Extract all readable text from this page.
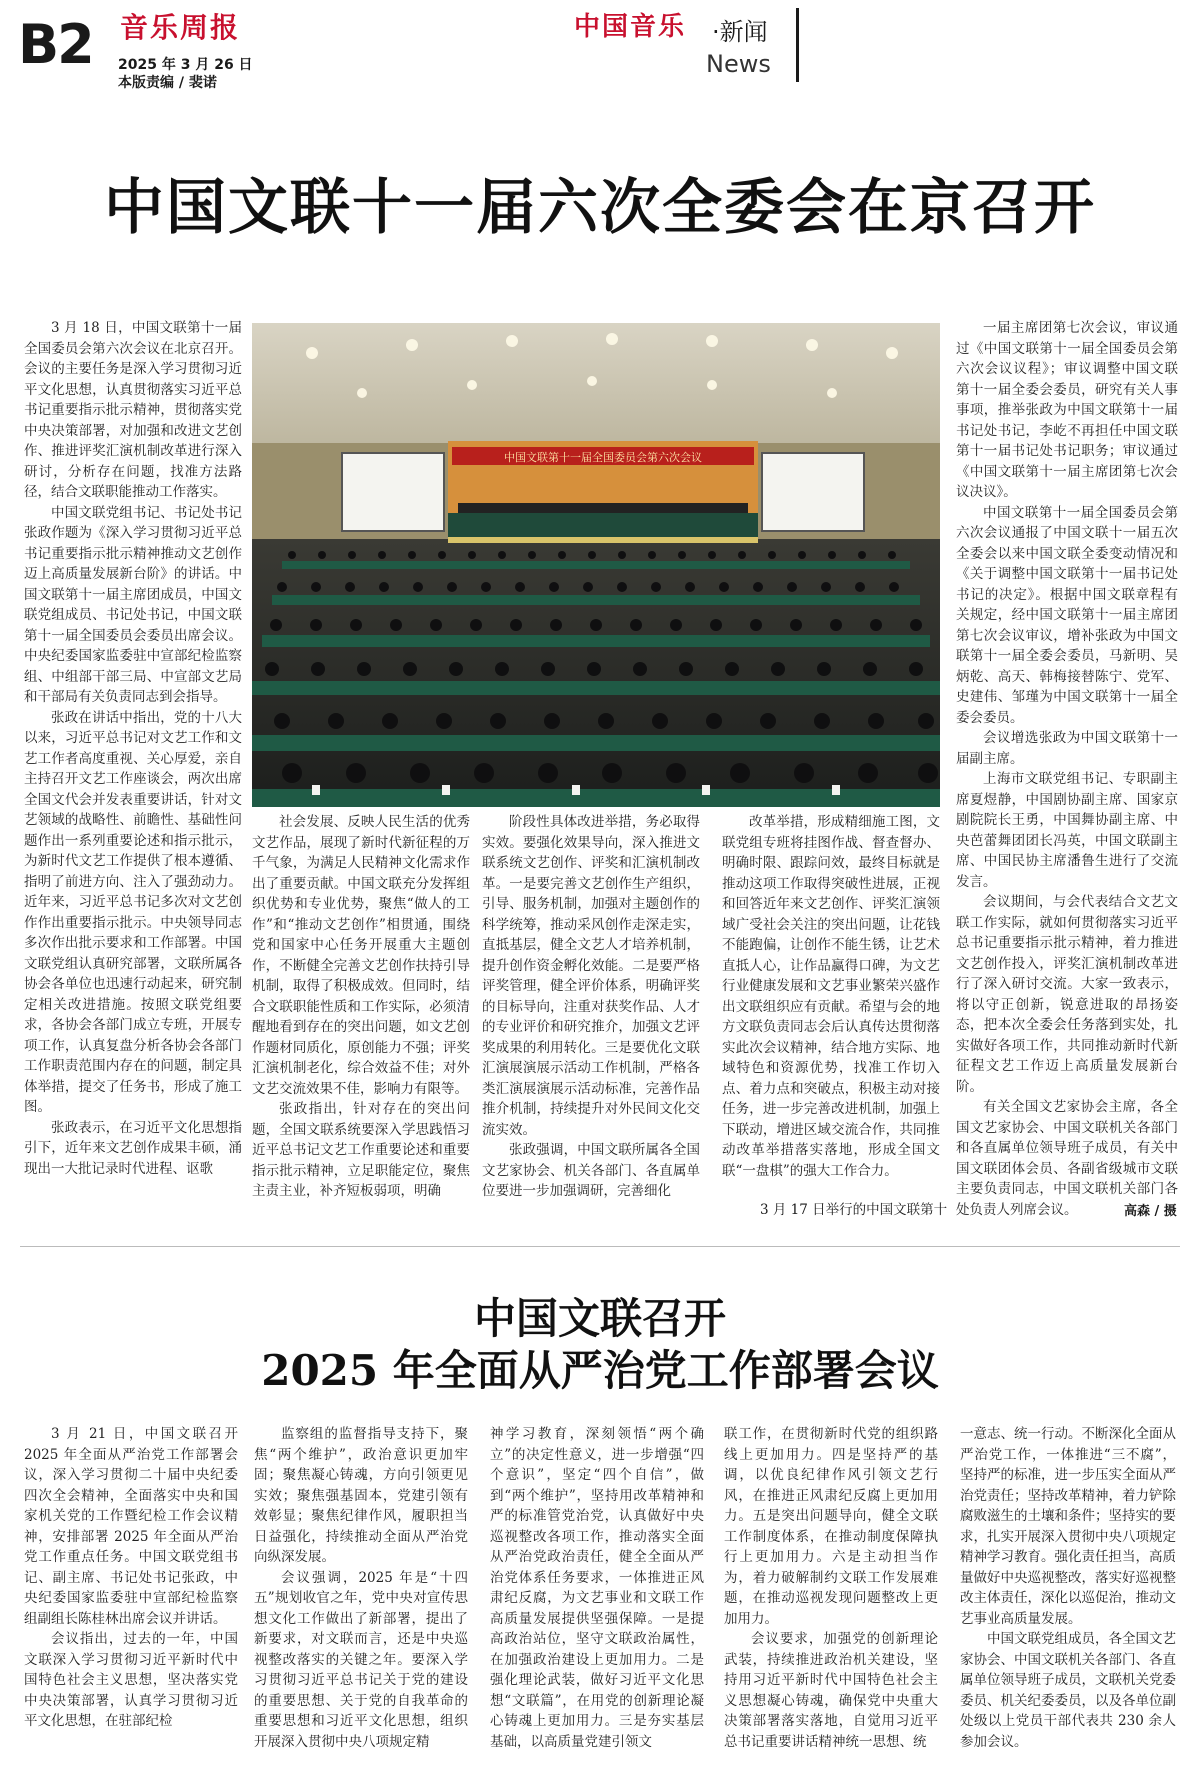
B2 音乐周报
2025 年 3 月 26 日
本版责编 / 裴诺
中国音乐 ·新闻
News
中国文联十一届六次全委会在京召开

3 月 18 日，中国文联第十一届全国委员会第六次会议在北京召开。会议的主要任务是深入学习贯彻习近平文化思想，认真贯彻落实习近平总书记重要指示批示精神，贯彻落实党中央决策部署，对加强和改进文艺创作、推进评奖汇演机制改革进行深入研讨，分析存在问题，找准方法路径，结合文联职能推动工作落实。

中国文联党组书记、书记处书记张政作题为《深入学习贯彻习近平总书记重要指示批示精神推动文艺创作迈上高质量发展新台阶》的讲话。中国文联第十一届主席团成员，中国文联党组成员、书记处书记，中国文联第十一届全国委员会委员出席会议。中央纪委国家监委驻中宣部纪检监察组、中组部干部三局、中宣部文艺局和干部局有关负责同志到会指导。

张政在讲话中指出，党的十八大以来，习近平总书记对文艺工作和文艺工作者高度重视、关心厚爱，亲自主持召开文艺工作座谈会，两次出席全国文代会并发表重要讲话，针对文艺领域的战略性、前瞻性、基础性问题作出一系列重要论述和指示批示，为新时代文艺工作提供了根本遵循、指明了前进方向、注入了强劲动力。近年来，习近平总书记多次对文艺创作作出重要指示批示。中央领导同志多次作出批示要求和工作部署。中国文联党组认真研究部署，文联所属各协会各单位也迅速行动起来，研究制定相关改进措施。按照文联党组要求，各协会各部门成立专班，开展专项工作，认真复盘分析各协会各部门工作职责范围内存在的问题，制定具体举措，提交了任务书，形成了施工图。

张政表示，在习近平文化思想指引下，近年来文艺创作成果丰硕，涌现出一大批记录时代进程、讴歌

中国文联第十一届全国委员会第六次会议

社会发展、反映人民生活的优秀文艺作品，展现了新时代新征程的万千气象，为满足人民精神文化需求作出了重要贡献。中国文联充分发挥组织优势和专业优势，聚焦“做人的工作”和“推动文艺创作”相贯通，围绕党和国家中心任务开展重大主题创作，不断健全完善文艺创作扶持引导机制，取得了积极成效。但同时，结合文联职能性质和工作实际，必须清醒地看到存在的突出问题，如文艺创作题材同质化，原创能力不强；评奖汇演机制老化，综合效益不佳；对外文艺交流效果不佳，影响力有限等。

张政指出，针对存在的突出问题，全国文联系统要深入学思践悟习近平总书记文艺工作重要论述和重要指示批示精神，立足职能定位，聚焦主责主业，补齐短板弱项，明确

阶段性具体改进举措，务必取得实效。要强化效果导向，深入推进文联系统文艺创作、评奖和汇演机制改革。一是要完善文艺创作生产组织，引导、服务机制，加强对主题创作的科学统筹，推动采风创作走深走实，直抵基层，健全文艺人才培养机制，提升创作资金孵化效能。二是要严格评奖管理，健全评价体系，明确评奖的目标导向，注重对获奖作品、人才的专业评价和研究推介，加强文艺评奖成果的利用转化。三是要优化文联汇演展演展示活动工作机制，严格各类汇演展演展示活动标准，完善作品推介机制，持续提升对外民间文化交流实效。

张政强调，中国文联所属各全国文艺家协会、机关各部门、各直属单位要进一步加强调研，完善细化

改革举措，形成精细施工图，文联党组专班将挂图作战、督查督办、明确时限、跟踪问效，最终目标就是推动这项工作取得突破性进展，正视和回答近年来文艺创作、评奖汇演领域广受社会关注的突出问题，让花钱不能跑偏，让创作不能生锈，让艺术直抵人心，让作品赢得口碑，为文艺行业健康发展和文艺事业繁荣兴盛作出文联组织应有贡献。希望与会的地方文联负责同志会后认真传达贯彻落实此次会议精神，结合地方实际、地域特色和资源优势，找准工作切入点、着力点和突破点，积极主动对接任务，进一步完善改进机制，加强上下联动，增进区域交流合作，共同推动改革举措落实落地，形成全国文联“一盘棋”的强大工作合力。

3 月 17 日举行的中国文联第十

一届主席团第七次会议，审议通过《中国文联第十一届全国委员会第六次会议议程》；审议调整中国文联第十一届全委会委员，研究有关人事事项，推举张政为中国文联第十一届书记处书记，李屹不再担任中国文联第十一届书记处书记职务；审议通过《中国文联第十一届主席团第七次会议决议》。

中国文联第十一届全国委员会第六次会议通报了中国文联十一届五次全委会以来中国文联全委变动情况和《关于调整中国文联第十一届书记处书记的决定》。根据中国文联章程有关规定，经中国文联第十一届主席团第七次会议审议，增补张政为中国文联第十一届全委会委员，马新明、吴炳乾、高天、韩梅接替陈宁、党军、史建伟、邹瑾为中国文联第十一届全委会委员。

会议增选张政为中国文联第十一届副主席。

上海市文联党组书记、专职副主席夏煜静，中国剧协副主席、国家京剧院院长王勇，中国舞协副主席、中央芭蕾舞团团长冯英，中国文联副主席、中国民协主席潘鲁生进行了交流发言。

会议期间，与会代表结合文艺文联工作实际，就如何贯彻落实习近平总书记重要指示批示精神，着力推进文艺创作投入，评奖汇演机制改革进行了深入研讨交流。大家一致表示，将以守正创新，锐意进取的昂扬姿态，把本次全委会任务落到实处，扎实做好各项工作，共同推动新时代新征程文艺工作迈上高质量发展新台阶。

有关全国文艺家协会主席，各全国文艺家协会、中国文联机关各部门和各直属单位领导班子成员，有关中国文联团体会员、各副省级城市文联主要负责同志，中国文联机关部门各处负责人列席会议。	高森 / 摄
中国文联召开
2025 年全面从严治党工作部署会议

3 月 21 日，中国文联召开 2025 年全面从严治党工作部署会议，深入学习贯彻二十届中央纪委四次全会精神，全面落实中央和国家机关党的工作暨纪检工作会议精神，安排部署 2025 年全面从严治党工作重点任务。中国文联党组书记、副主席、书记处书记张政，中央纪委国家监委驻中宣部纪检监察组副组长陈桂林出席会议并讲话。

会议指出，过去的一年，中国文联深入学习贯彻习近平新时代中国特色社会主义思想，坚决落实党中央决策部署，认真学习贯彻习近平文化思想，在驻部纪检

监察组的监督指导支持下，聚焦“两个维护”，政治意识更加牢固；聚焦凝心铸魂，方向引领更见实效；聚焦强基固本，党建引领有效彰显；聚焦纪律作风，履职担当日益强化，持续推动全面从严治党向纵深发展。

会议强调，2025 年是“十四五”规划收官之年，党中央对宣传思想文化工作做出了新部署，提出了新要求，对文联而言，还是中央巡视整改落实的关键之年。要深入学习贯彻习近平总书记关于党的建设的重要思想、关于党的自我革命的重要思想和习近平文化思想，组织开展深入贯彻中央八项规定精

神学习教育，深刻领悟“两个确立”的决定性意义，进一步增强“四个意识”，坚定“四个自信”，做到“两个维护”，坚持用改革精神和严的标准管党治党，认真做好中央巡视整改各项工作，推动落实全面从严治党政治责任，健全全面从严治党体系任务要求，一体推进正风肃纪反腐，为文艺事业和文联工作高质量发展提供坚强保障。一是提高政治站位，坚守文联政治属性，在加强政治建设上更加用力。二是强化理论武装，做好习近平文化思想“文联篇”，在用党的创新理论凝心铸魂上更加用力。三是夯实基层基础，以高质量党建引领文

联工作，在贯彻新时代党的组织路线上更加用力。四是坚持严的基调，以优良纪律作风引领文艺行风，在推进正风肃纪反腐上更加用力。五是突出问题导向，健全文联工作制度体系，在推动制度保障执行上更加用力。六是主动担当作为，着力破解制约文联工作发展难题，在推动巡视发现问题整改上更加用力。

会议要求，加强党的创新理论武装，持续推进政治机关建设，坚持用习近平新时代中国特色社会主义思想凝心铸魂，确保党中央重大决策部署落实落地，自觉用习近平总书记重要讲话精神统一思想、统

一意志、统一行动。不断深化全面从严治党工作，一体推进“三不腐”，坚持严的标准，进一步压实全面从严治党责任；坚持改革精神，着力铲除腐败滋生的土壤和条件；坚持实的要求，扎实开展深入贯彻中央八项规定精神学习教育。强化责任担当，高质量做好中央巡视整改，落实好巡视整改主体责任，深化以巡促治，推动文艺事业高质量发展。

中国文联党组成员，各全国文艺家协会、中国文联机关各部门、各直属单位领导班子成员，文联机关党委委员、机关纪委委员，以及各单位副处级以上党员干部代表共 230 余人参加会议。
